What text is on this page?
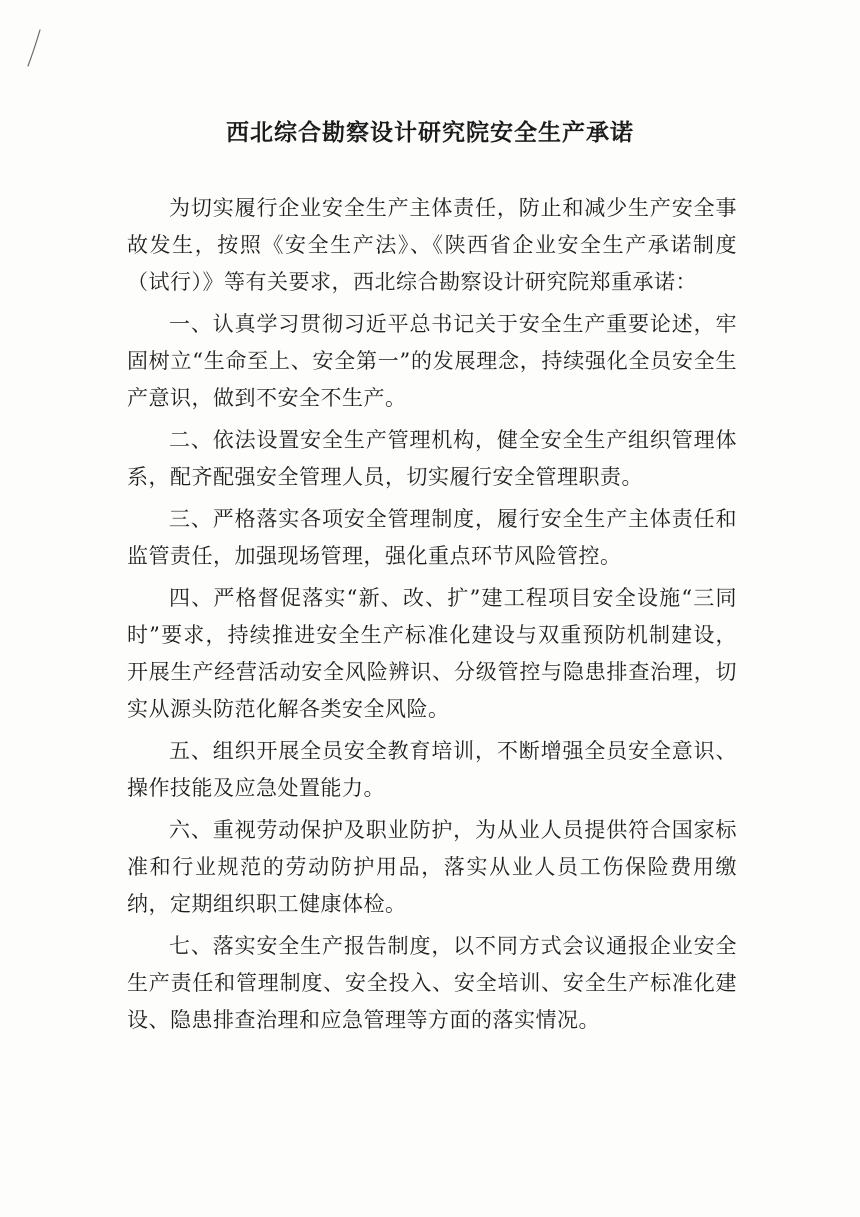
西北综合勘察设计研究院安全生产承诺

为切实履行企业安全生产主体责任，防止和减少生产安全事故发生，按照《安全生产法》、《陕西省企业安全生产承诺制度（试行）》等有关要求，西北综合勘察设计研究院郑重承诺：

一、认真学习贯彻习近平总书记关于安全生产重要论述，牢固树立“生命至上、安全第一”的发展理念，持续强化全员安全生产意识，做到不安全不生产。

二、依法设置安全生产管理机构，健全安全生产组织管理体系，配齐配强安全管理人员，切实履行安全管理职责。

三、严格落实各项安全管理制度，履行安全生产主体责任和监管责任，加强现场管理，强化重点环节风险管控。

四、严格督促落实“新、改、扩”建工程项目安全设施“三同时”要求，持续推进安全生产标准化建设与双重预防机制建设，开展生产经营活动安全风险辨识、分级管控与隐患排查治理，切实从源头防范化解各类安全风险。

五、组织开展全员安全教育培训，不断增强全员安全意识、操作技能及应急处置能力。

六、重视劳动保护及职业防护，为从业人员提供符合国家标准和行业规范的劳动防护用品，落实从业人员工伤保险费用缴纳，定期组织职工健康体检。

七、落实安全生产报告制度，以不同方式会议通报企业安全生产责任和管理制度、安全投入、安全培训、安全生产标准化建设、隐患排查治理和应急管理等方面的落实情况。
